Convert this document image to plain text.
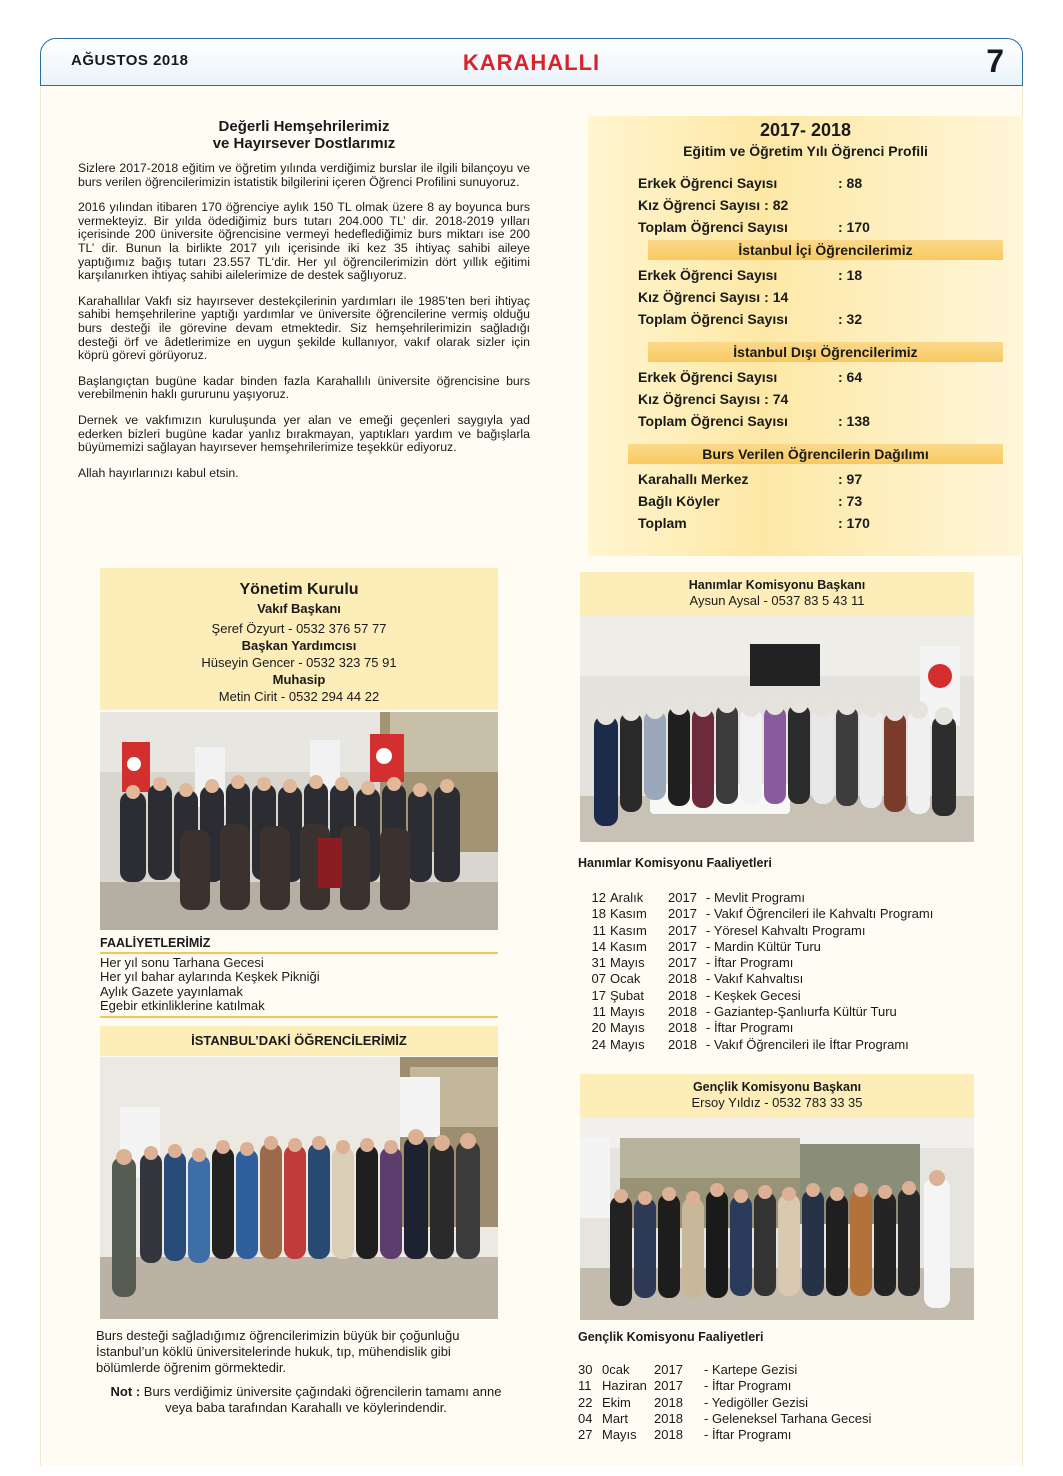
AĞUSTOS 2018	KARAHALLI	7
Değerli Hemşehrilerimiz
ve Hayırsever Dostlarımız

Sizlere 2017-2018 eğitim ve öğretim yılında verdiğimiz burslar ile ilgili bilançoyu ve burs verilen öğrencilerimizin istatistik bilgilerini içeren Öğrenci Profilini sunuyoruz.

2016 yılından itibaren 170 öğrenciye aylık 150 TL olmak üzere 8 ay boyunca burs vermekteyiz. Bir yılda ödediğimiz burs tutarı 204.000 TL’ dir. 2018-2019 yılları içerisinde 200 üniversite öğrencisine vermeyi hedeflediğimiz burs miktarı ise 200 TL’ dir. Bunun la birlikte 2017 yılı içerisinde iki kez 35 ihtiyaç sahibi aileye yaptığımız bağış tutarı 23.557 TL‘dir. Her yıl öğrencilerimizin dört yıllık eğitimi karşılanırken ihtiyaç sahibi ailelerimize de destek sağlıyoruz.

Karahallılar Vakfı siz hayırsever destekçilerinin yardımları ile 1985’ten beri ihtiyaç sahibi hemşehrilerine yaptığı yardımlar ve üniversite öğrencilerine vermiş olduğu burs desteği ile görevine devam etmektedir. Siz hemşehrilerimizin sağladığı desteği örf ve âdetlerimize en uygun şekilde kullanıyor, vakıf olarak sizler için köprü görevi görüyoruz.

Başlangıçtan bugüne kadar binden fazla Karahallılı üniversite öğrencisine burs verebilmenin haklı gururunu yaşıyoruz.

Dernek ve vakfımızın kuruluşunda yer alan ve emeği geçenleri saygıyla yad ederken bizleri bugüne kadar yanlız bırakmayan, yaptıkları yardım ve bağışlarla büyümemizi sağlayan hayırsever hemşehrilerimize teşekkür ediyoruz.

Allah hayırlarınızı kabul etsin.

2017- 2018
Eğitim ve Öğretim Yılı Öğrenci Profili
Erkek Öğrenci Sayısı	: 88
Kız Öğrenci Sayısı : 82
Toplam Öğrenci Sayısı	: 170
İstanbul İçi Öğrencilerimiz
Erkek Öğrenci Sayısı	: 18
Kız Öğrenci Sayısı : 14
Toplam Öğrenci Sayısı	: 32
İstanbul Dışı Öğrencilerimiz
Erkek Öğrenci Sayısı	: 64
Kız Öğrenci Sayısı : 74
Toplam Öğrenci Sayısı	: 138
Burs Verilen Öğrencilerin Dağılımı
Karahallı Merkez	: 97
Bağlı Köyler	: 73
Toplam	: 170
Yönetim Kurulu
Vakıf Başkanı
Şeref Özyurt - 0532 376 57 77
Başkan Yardımcısı
Hüseyin Gencer - 0532 323 75 91
Muhasip
Metin Cirit - 0532 294 44 22
FAALİYETLERİMİZ
Her yıl sonu Tarhana Gecesi
Her yıl bahar aylarında Keşkek Pikniği
Aylık Gazete yayınlamak
Egebir etkinliklerine katılmak
İSTANBUL’DAKİ ÖĞRENCİLERİMİZ
Burs desteği sağladığımız öğrencilerimizin büyük bir çoğunluğu İstanbul’un köklü üniversitelerinde hukuk, tıp, mühendislik gibi bölümlerde öğrenim görmektedir.
Not : Burs verdiğimiz üniversite çağındaki öğrencilerin tamamı anne veya baba tarafından Karahallı ve köylerindendir.
Hanımlar Komisyonu Başkanı
Aysun Aysal - 0537 83 5 43 11
Hanımlar Komisyonu Faaliyetleri
12 Aralık	2017 - Mevlit Programı
18 Kasım	2017 - Vakıf Öğrencileri ile Kahvaltı Programı
11 Kasım	2017 - Yöresel Kahvaltı Programı
14 Kasım	2017 - Mardin Kültür Turu
31 Mayıs	2017 - İftar Programı
07 Ocak	2018 - Vakıf Kahvaltısı
17 Şubat	2018 - Keşkek Gecesi
11 Mayıs	2018 - Gaziantep-Şanlıurfa Kültür Turu
20 Mayıs	2018 - İftar Programı
24 Mayıs	2018 - Vakıf Öğrencileri ile İftar Programı
Gençlik Komisyonu Başkanı
Ersoy Yıldız - 0532 783 33 35
Gençlik Komisyonu Faaliyetleri
30 0cak	2017	- Kartepe Gezisi
11 Haziran 2017	- İftar Programı
22 Ekim	2018	- Yedigöller Gezisi
04 Mart	2018	- Geleneksel Tarhana Gecesi
27 Mayıs	2018	- İftar Programı
